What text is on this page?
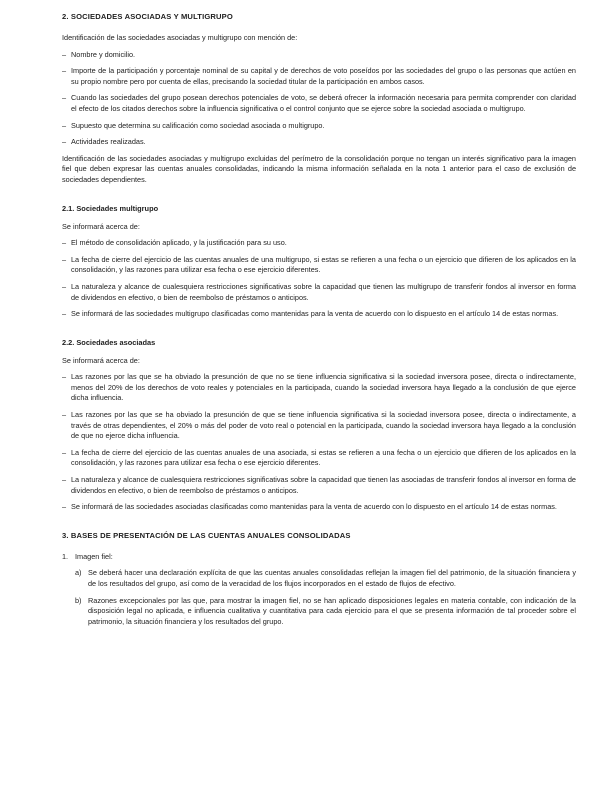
2. SOCIEDADES ASOCIADAS Y MULTIGRUPO

Identificación de las sociedades asociadas y multigrupo con mención de:

– Nombre y domicilio.
– Importe de la participación y porcentaje nominal de su capital y de derechos de voto poseídos por las sociedades del grupo o las personas que actúen en su propio nombre pero por cuenta de ellas, precisando la sociedad titular de la participación en ambos casos.
– Cuando las sociedades del grupo posean derechos potenciales de voto, se deberá ofrecer la información necesaria para permita comprender con claridad el efecto de los citados derechos sobre la influencia significativa o el control conjunto que se ejerce sobre la sociedad asociada o multigrupo.
– Supuesto que determina su calificación como sociedad asociada o multigrupo.
– Actividades realizadas.

Identificación de las sociedades asociadas y multigrupo excluidas del perímetro de la consolidación porque no tengan un interés significativo para la imagen fiel que deben expresar las cuentas anuales consolidadas, indicando la misma información señalada en la nota 1 anterior para el caso de exclusión de sociedades dependientes.

2.1. Sociedades multigrupo

Se informará acerca de:

– El método de consolidación aplicado, y la justificación para su uso.
– La fecha de cierre del ejercicio de las cuentas anuales de una multigrupo, si estas se refieren a una fecha o un ejercicio que difieren de los aplicados en la consolidación, y las razones para utilizar esa fecha o ese ejercicio diferentes.
– La naturaleza y alcance de cualesquiera restricciones significativas sobre la capacidad que tienen las multigrupo de transferir fondos al inversor en forma de dividendos en efectivo, o bien de reembolso de préstamos o anticipos.
– Se informará de las sociedades multigrupo clasificadas como mantenidas para la venta de acuerdo con lo dispuesto en el artículo 14 de estas normas.
2.2. Sociedades asociadas

Se informará acerca de:

– Las razones por las que se ha obviado la presunción de que no se tiene influencia significativa si la sociedad inversora posee, directa o indirectamente, menos del 20% de los derechos de voto reales y potenciales en la participada, cuando la sociedad inversora haya llegado a la conclusión de que ejerce dicha influencia.
– Las razones por las que se ha obviado la presunción de que se tiene influencia significativa si la sociedad inversora posee, directa o indirectamente, a través de otras dependientes, el 20% o más del poder de voto real o potencial en la participada, cuando la sociedad inversora haya llegado a la conclusión de que no ejerce dicha influencia.
– La fecha de cierre del ejercicio de las cuentas anuales de una asociada, si estas se refieren a una fecha o un ejercicio que difieren de los aplicados en la consolidación, y las razones para utilizar esa fecha o ese ejercicio diferentes.
– La naturaleza y alcance de cualesquiera restricciones significativas sobre la capacidad que tienen las asociadas de transferir fondos al inversor en forma de dividendos en efectivo, o bien de reembolso de préstamos o anticipos.
– Se informará de las sociedades asociadas clasificadas como mantenidas para la venta de acuerdo con lo dispuesto en el artículo 14 de estas normas.
3. BASES DE PRESENTACIÓN DE LAS CUENTAS ANUALES CONSOLIDADAS
1. Imagen fiel:
a) Se deberá hacer una declaración explícita de que las cuentas anuales consolidadas reflejan la imagen fiel del patrimonio, de la situación financiera y de los resultados del grupo, así como de la veracidad de los flujos incorporados en el estado de flujos de efectivo.
b) Razones excepcionales por las que, para mostrar la imagen fiel, no se han aplicado disposiciones legales en materia contable, con indicación de la disposición legal no aplicada, e influencia cualitativa y cuantitativa para cada ejercicio para el que se presenta información de tal proceder sobre el patrimonio, la situación financiera y los resultados del grupo.
